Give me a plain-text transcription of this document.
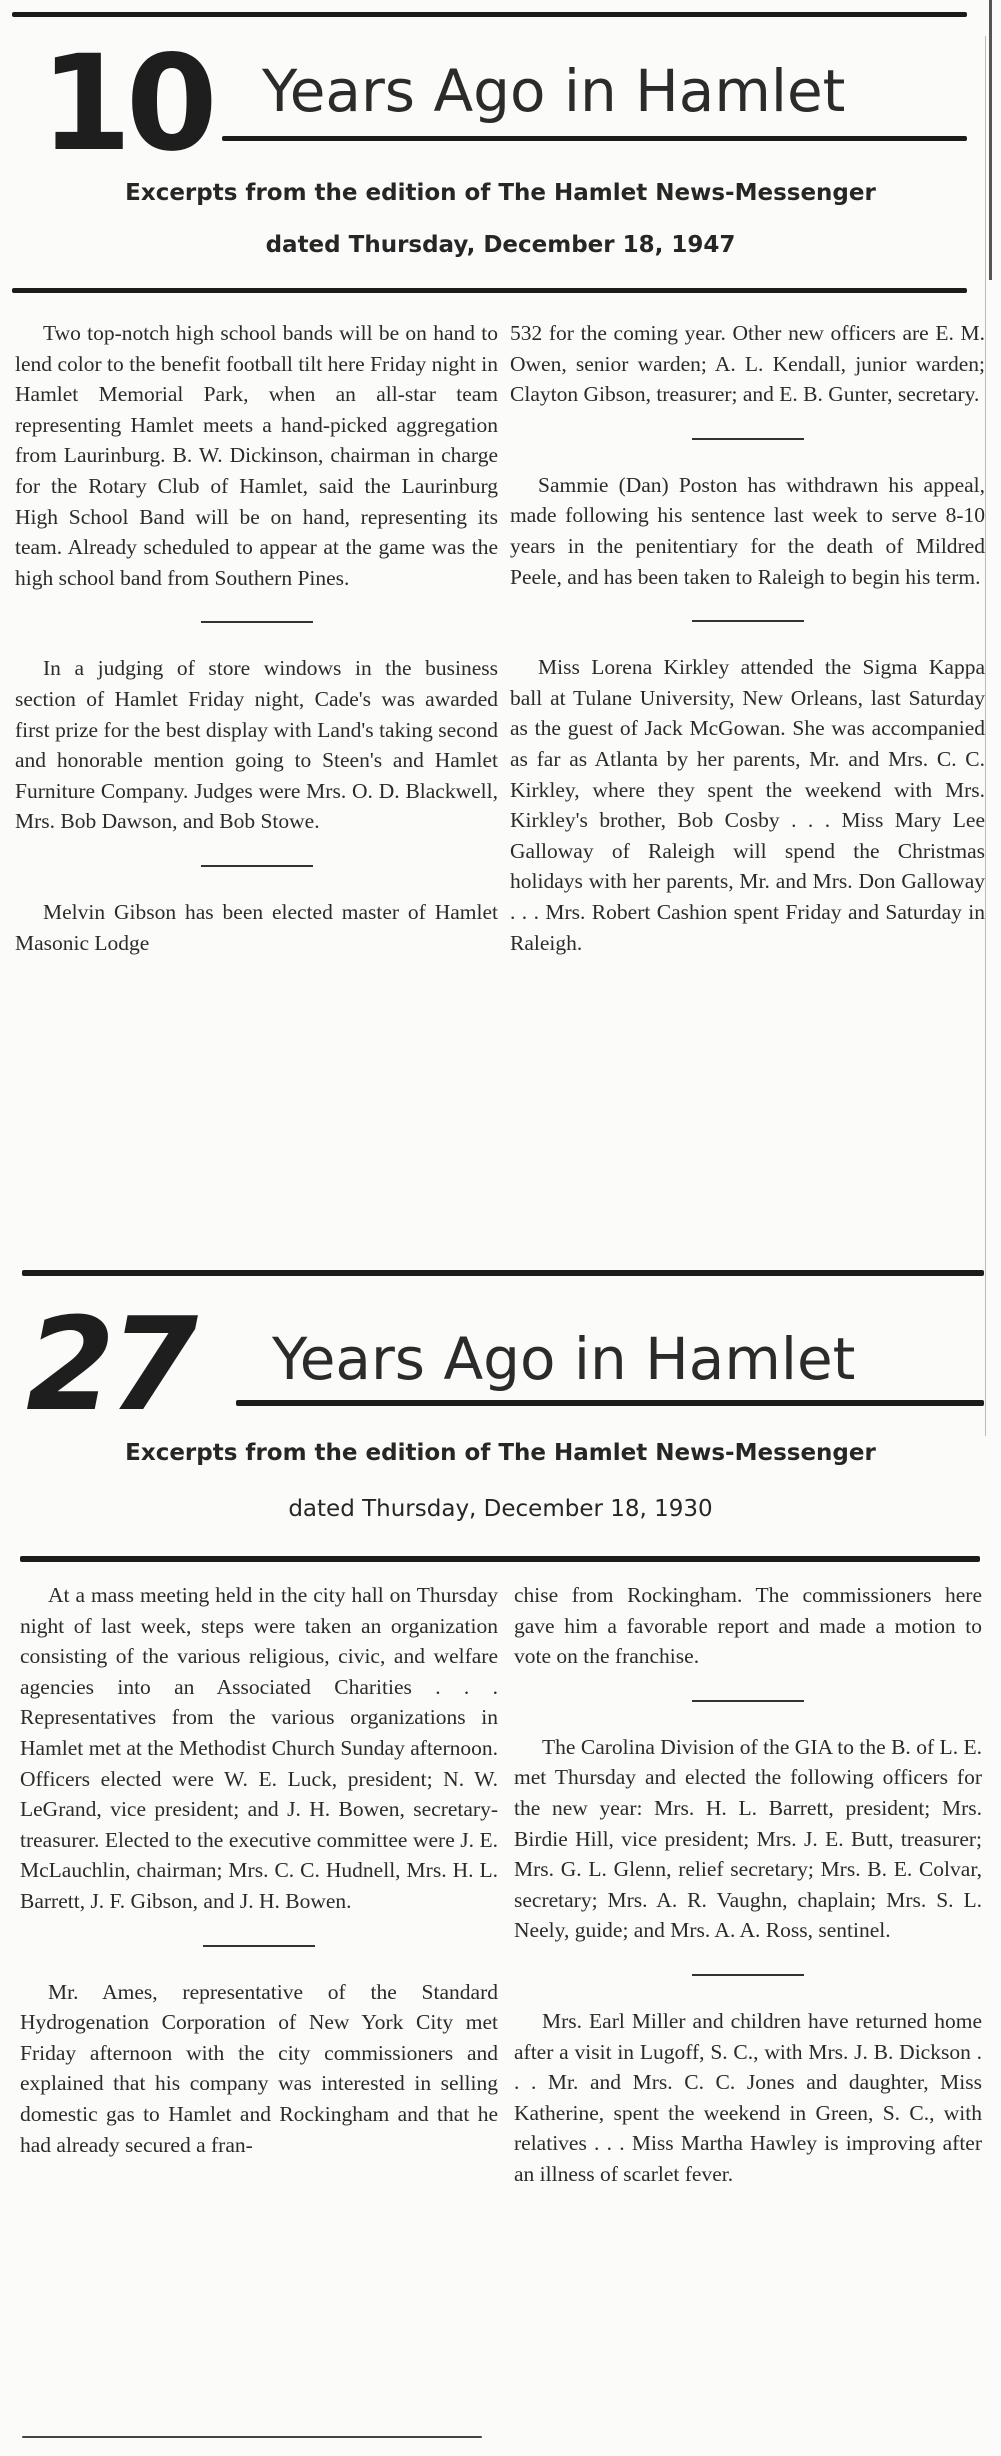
10 Years Ago in Hamlet
Excerpts from the edition of The Hamlet News-Messenger
dated Thursday, December 18, 1947

Two top-notch high school bands will be on hand to lend color to the benefit football tilt here Friday night in Hamlet Memorial Park, when an all-star team representing Hamlet meets a hand-picked aggregation from Laurinburg. B. W. Dickinson, chairman in charge for the Rotary Club of Hamlet, said the Laurinburg High School Band will be on hand, representing its team. Already scheduled to appear at the game was the high school band from Southern Pines.

In a judging of store windows in the business section of Hamlet Friday night, Cade's was awarded first prize for the best display with Land's taking second and honorable mention going to Steen's and Hamlet Furniture Company. Judges were Mrs. O. D. Blackwell, Mrs. Bob Dawson, and Bob Stowe.

Melvin Gibson has been elected master of Hamlet Masonic Lodge

532 for the coming year. Other new officers are E. M. Owen, senior warden; A. L. Kendall, junior warden; Clayton Gibson, treasurer; and E. B. Gunter, secretary.

Sammie (Dan) Poston has withdrawn his appeal, made following his sentence last week to serve 8-10 years in the penitentiary for the death of Mildred Peele, and has been taken to Raleigh to begin his term.

Miss Lorena Kirkley attended the Sigma Kappa ball at Tulane University, New Orleans, last Saturday as the guest of Jack McGowan. She was accompanied as far as Atlanta by her parents, Mr. and Mrs. C. C. Kirkley, where they spent the weekend with Mrs. Kirkley's brother, Bob Cosby . . . Miss Mary Lee Galloway of Raleigh will spend the Christmas holidays with her parents, Mr. and Mrs. Don Galloway . . . Mrs. Robert Cashion spent Friday and Saturday in Raleigh.

27 Years Ago in Hamlet
Excerpts from the edition of The Hamlet News-Messenger
dated Thursday, December 18, 1930

At a mass meeting held in the city hall on Thursday night of last week, steps were taken an organization consisting of the various religious, civic, and welfare agencies into an Associated Charities . . . Representatives from the various organizations in Hamlet met at the Methodist Church Sunday afternoon. Officers elected were W. E. Luck, president; N. W. LeGrand, vice president; and J. H. Bowen, secretary-treasurer. Elected to the executive committee were J. E. McLauchlin, chairman; Mrs. C. C. Hudnell, Mrs. H. L. Barrett, J. F. Gibson, and J. H. Bowen.

Mr. Ames, representative of the Standard Hydrogenation Corporation of New York City met Friday afternoon with the city commissioners and explained that his company was interested in selling domestic gas to Hamlet and Rockingham and that he had already secured a fran-

chise from Rockingham. The commissioners here gave him a favorable report and made a motion to vote on the franchise.

The Carolina Division of the GIA to the B. of L. E. met Thursday and elected the following officers for the new year: Mrs. H. L. Barrett, president; Mrs. Birdie Hill, vice president; Mrs. J. E. Butt, treasurer; Mrs. G. L. Glenn, relief secretary; Mrs. B. E. Colvar, secretary; Mrs. A. R. Vaughn, chaplain; Mrs. S. L. Neely, guide; and Mrs. A. A. Ross, sentinel.

Mrs. Earl Miller and children have returned home after a visit in Lugoff, S. C., with Mrs. J. B. Dickson . . . Mr. and Mrs. C. C. Jones and daughter, Miss Katherine, spent the weekend in Green, S. C., with relatives . . . Miss Martha Hawley is improving after an illness of scarlet fever.
